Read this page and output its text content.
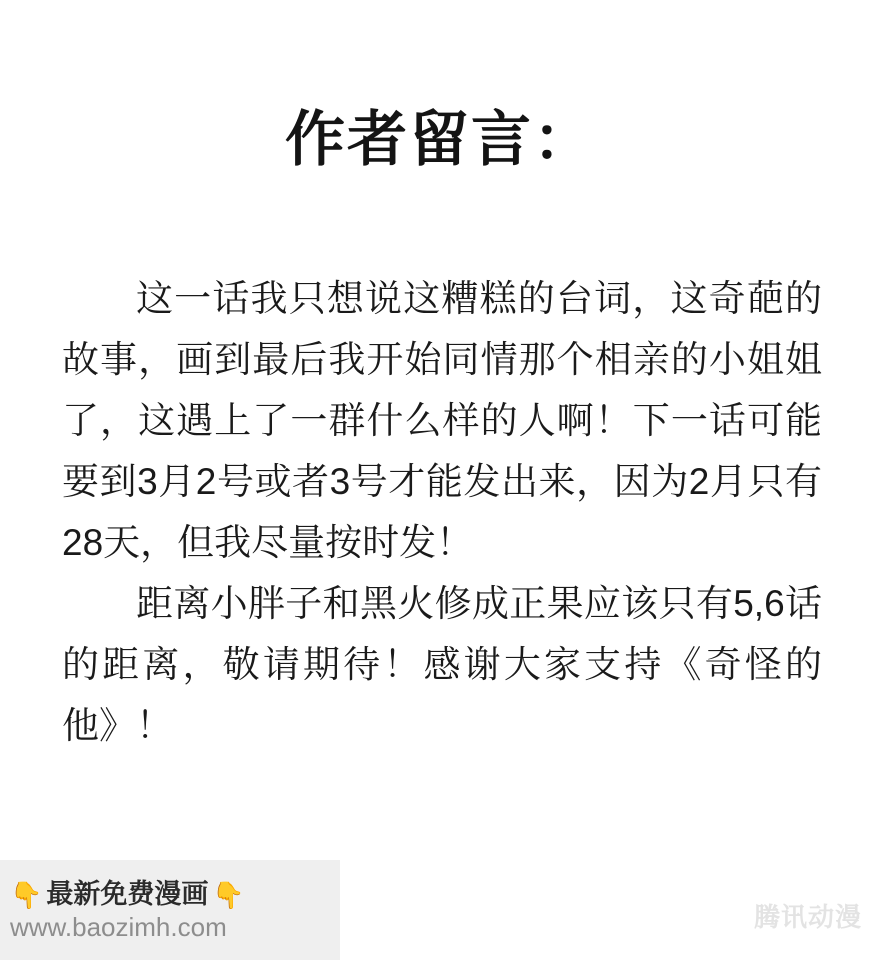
作者留言：

这一话我只想说这糟糕的台词，这奇葩的故事，画到最后我开始同情那个相亲的小姐姐了，这遇上了一群什么样的人啊！下一话可能要到3月2号或者3号才能发出来，因为2月只有28天，但我尽量按时发！

距离小胖子和黑火修成正果应该只有5,6话的距离，敬请期待！感谢大家支持《奇怪的他》！

👇 最新免费漫画 👇
www.baozimh.com	腾讯动漫
